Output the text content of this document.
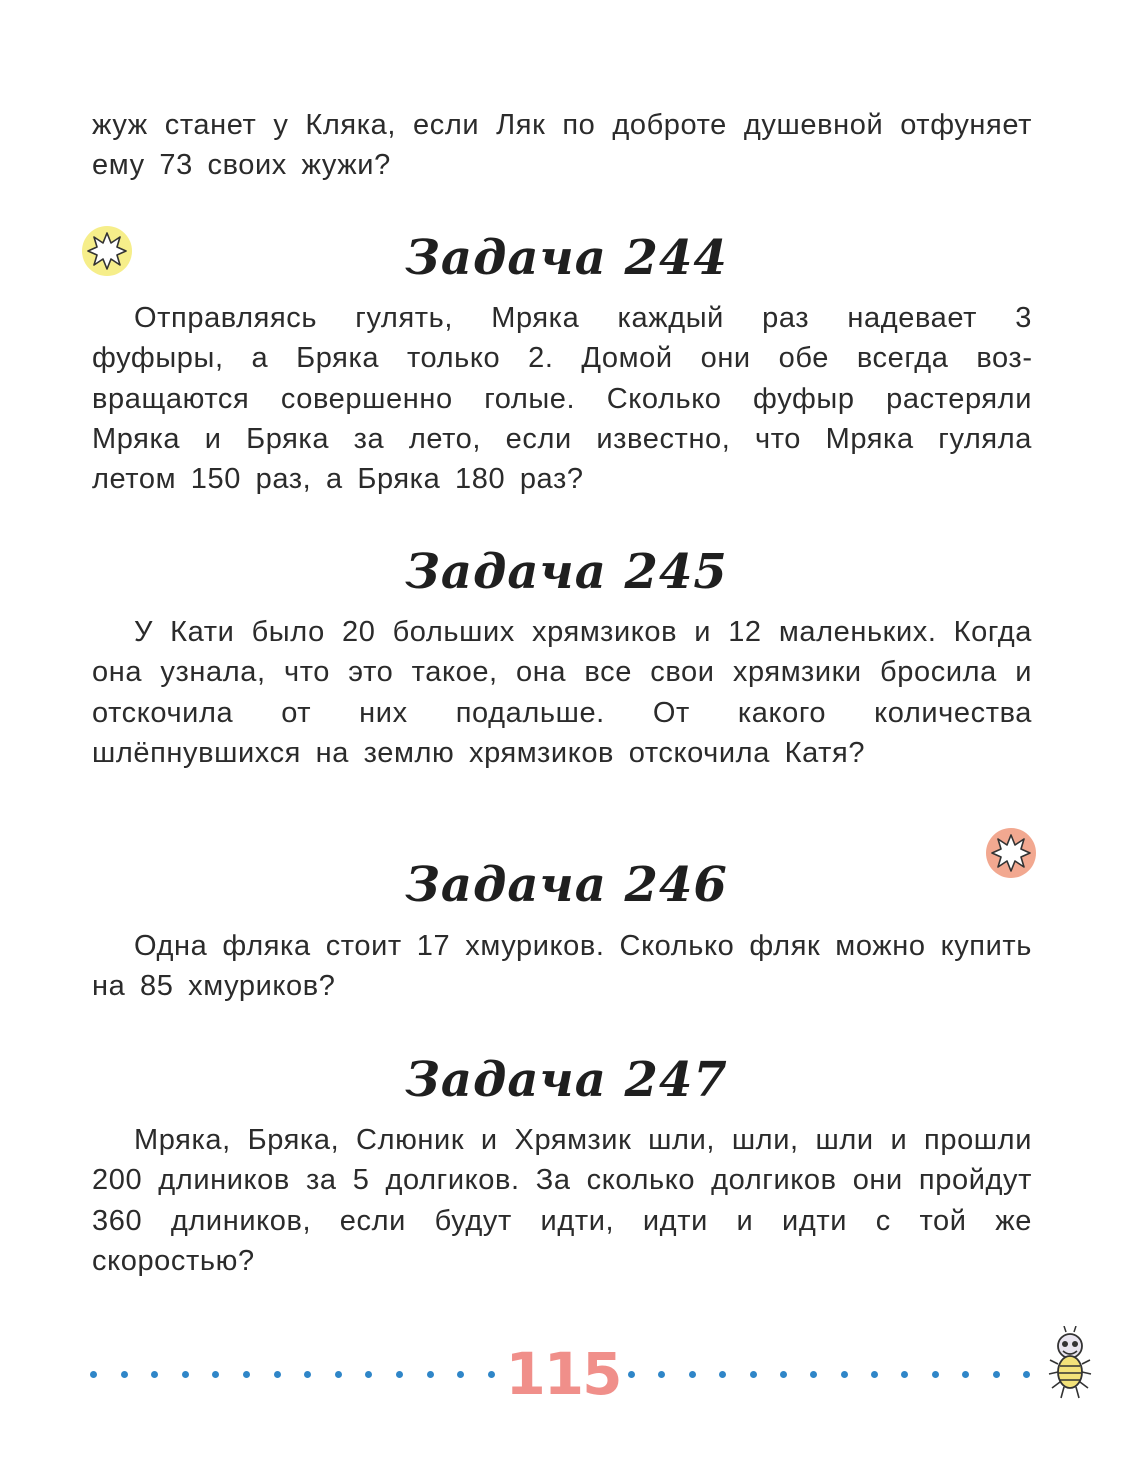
жуж станет у Кляка, если Ляк по доброте душевной отфуняет ему 73 своих жужи?

Задача 244

Отправляясь гулять, Мряка каждый раз надевает 3 фуфыры, а Бряка только 2. Домой они обе всегда возвращаются совершенно голые. Сколько фуфыр растеряли Мряка и Бряка за лето, если известно, что Мряка гуляла летом 150 раз, а Бряка 180 раз?

Задача 245

У Кати было 20 больших хрямзиков и 12 маленьких. Когда она узнала, что это такое, она все свои хрямзики бросила и отскочила от них подальше. От какого количества шлёпнувшихся на землю хрямзиков отскочила Катя?

Задача 246

Одна фляка стоит 17 хмуриков. Сколько фляк можно купить на 85 хмуриков?

Задача 247

Мряка, Бряка, Слюник и Хрямзик шли, шли, шли и прошли 200 длиников за 5 долгиков. За сколько долгиков они пройдут 360 длиников, если будут идти, идти и идти с той же скоростью?

115
